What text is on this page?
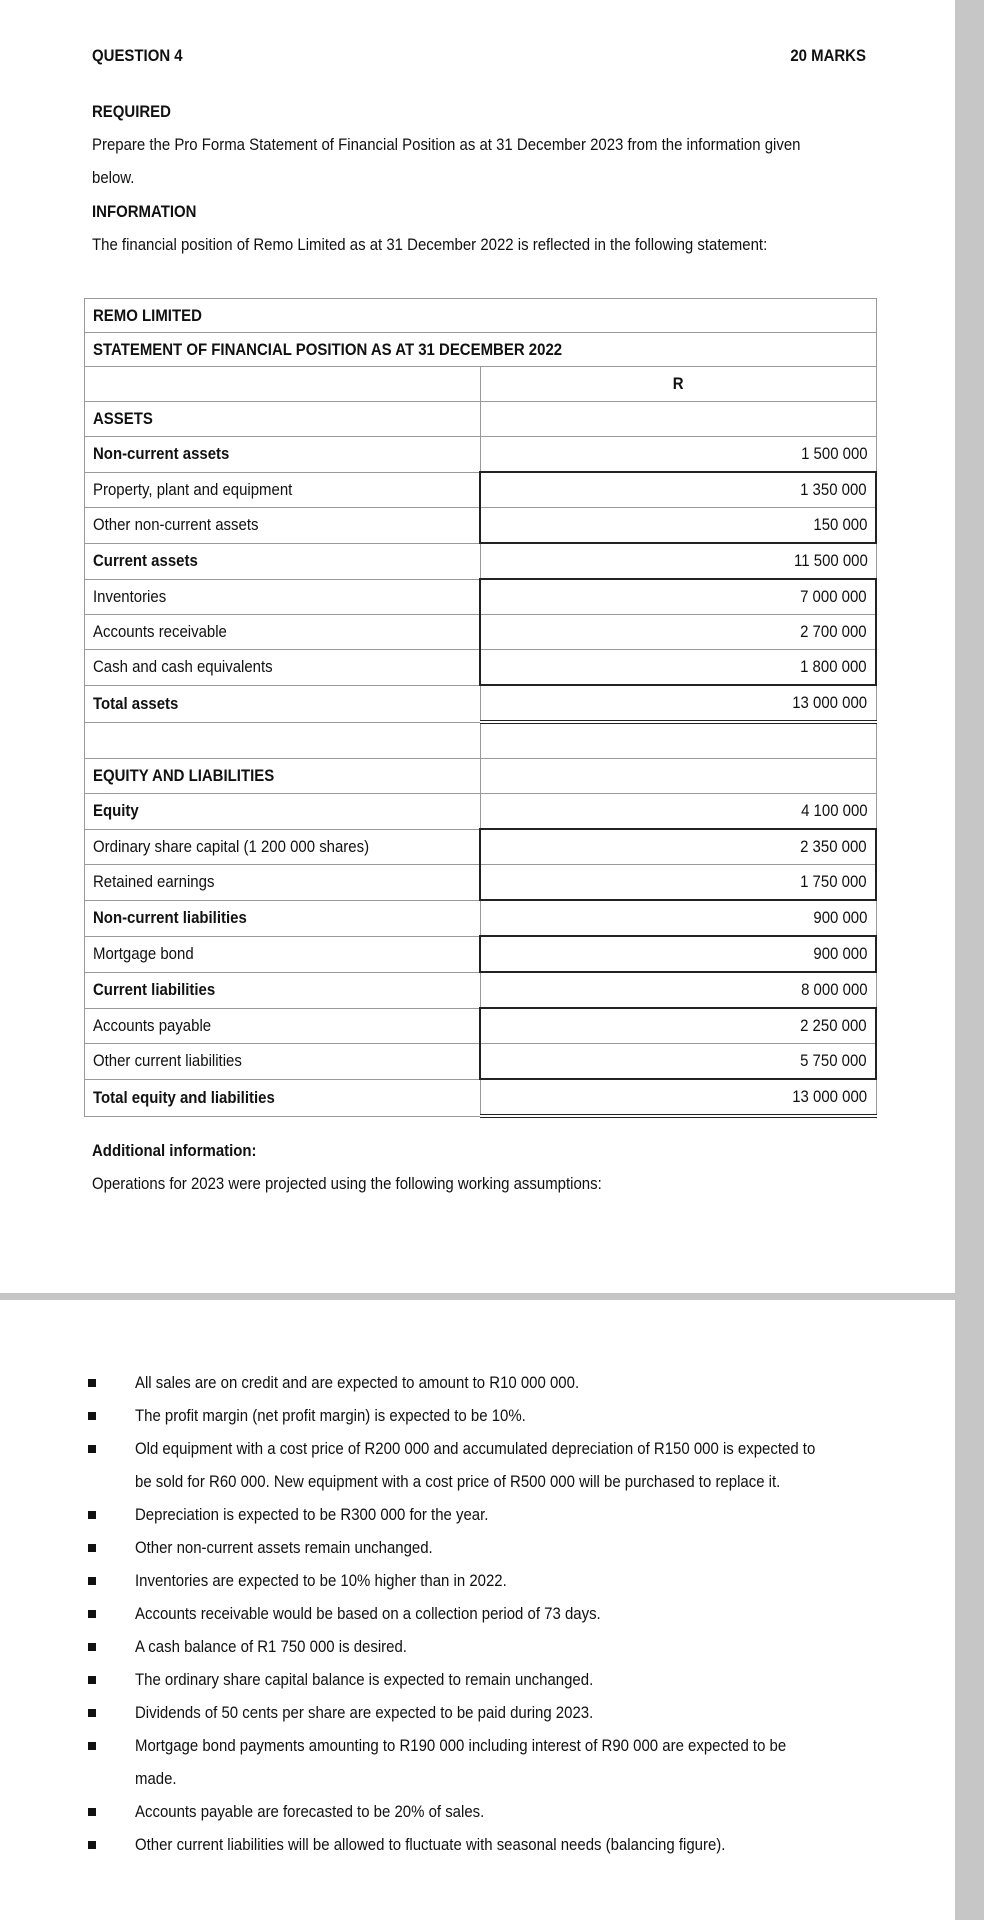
QUESTION 4	20 MARKS
REQUIRED
Prepare the Pro Forma Statement of Financial Position as at 31 December 2023 from the information given
below.
INFORMATION
The financial position of Remo Limited as at 31 December 2022 is reflected in the following statement:
REMO LIMITED	
STATEMENT OF FINANCIAL POSITION AS AT 31 DECEMBER 2022	
	R
ASSETS	
Non-current assets	1 500 000
Property, plant and equipment	1 350 000
Other non-current assets	150 000
Current assets	11 500 000
Inventories	7 000 000
Accounts receivable	2 700 000
Cash and cash equivalents	1 800 000
Total assets	13 000 000

EQUITY AND LIABILITIES	
Equity	4 100 000
Ordinary share capital (1 200 000 shares)	2 350 000
Retained earnings	1 750 000
Non-current liabilities	900 000
Mortgage bond	900 000
Current liabilities	8 000 000
Accounts payable	2 250 000
Other current liabilities	5 750 000
Total equity and liabilities	13 000 000
Additional information:
Operations for 2023 were projected using the following working assumptions:
All sales are on credit and are expected to amount to R10 000 000.
The profit margin (net profit margin) is expected to be 10%.
Old equipment with a cost price of R200 000 and accumulated depreciation of R150 000 is expected to
be sold for R60 000. New equipment with a cost price of R500 000 will be purchased to replace it.
Depreciation is expected to be R300 000 for the year.
Other non-current assets remain unchanged.
Inventories are expected to be 10% higher than in 2022.
Accounts receivable would be based on a collection period of 73 days.
A cash balance of R1 750 000 is desired.
The ordinary share capital balance is expected to remain unchanged.
Dividends of 50 cents per share are expected to be paid during 2023.
Mortgage bond payments amounting to R190 000 including interest of R90 000 are expected to be
made.
Accounts payable are forecasted to be 20% of sales.
Other current liabilities will be allowed to fluctuate with seasonal needs (balancing figure).
